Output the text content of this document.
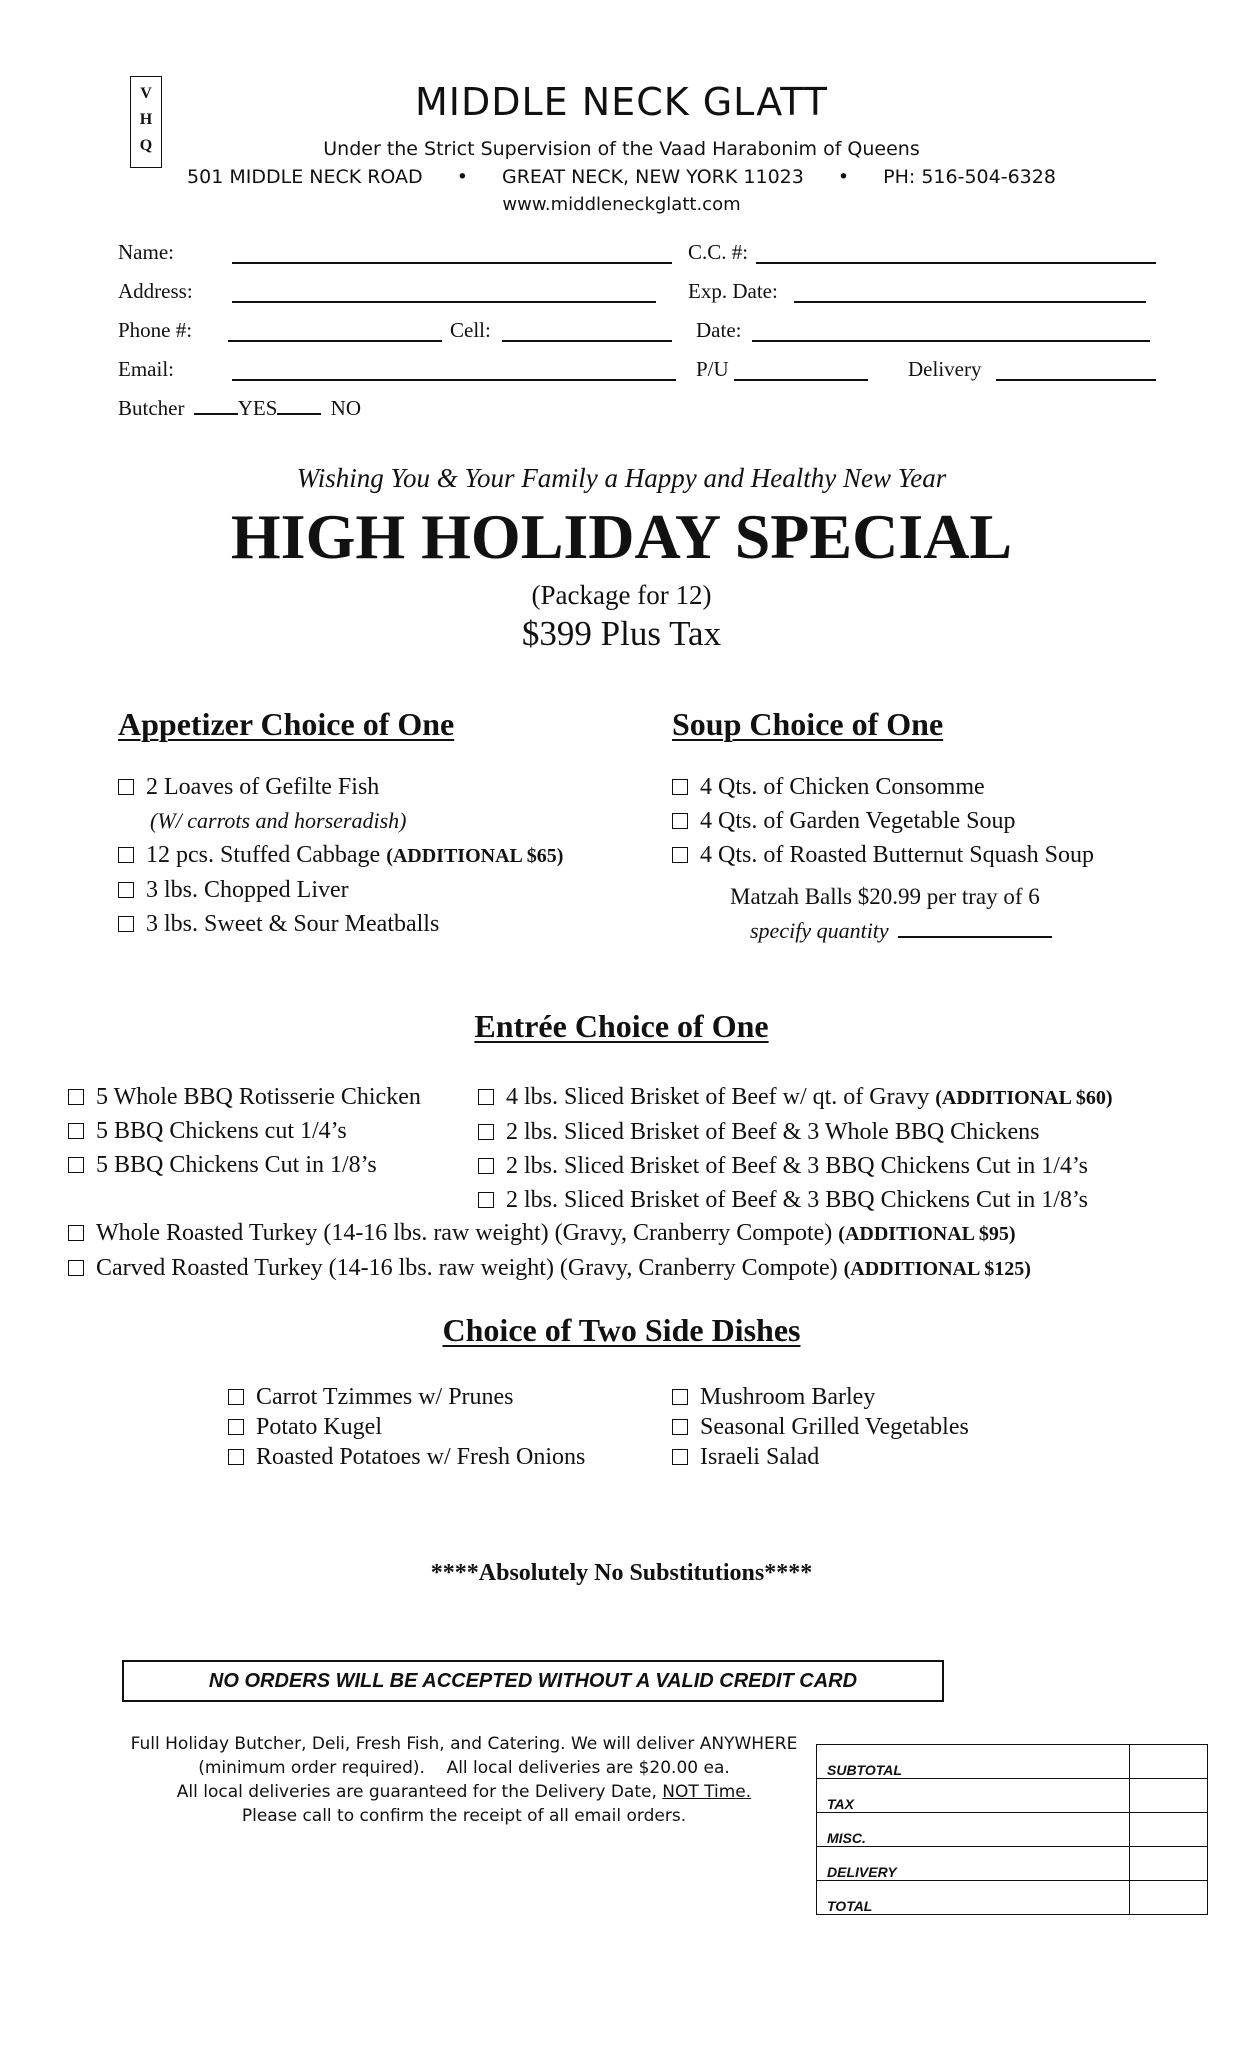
V
H
Q
MIDDLE NECK GLATT
Under the Strict Supervision of the Vaad Harabonim of Queens
501 MIDDLE NECK ROAD • GREAT NECK, NEW YORK 11023 • PH: 516-504-6328
www.middleneckglatt.com
Name:	C.C. #:
Address:	Exp. Date:
Phone #:	Cell:	Date:
Email:	P/U	Delivery
Butcher	YES	NO
Wishing You & Your Family a Happy and Healthy New Year
HIGH HOLIDAY SPECIAL
(Package for 12)
$399 Plus Tax
Appetizer Choice of One
2 Loaves of Gefilte Fish
(W/ carrots and horseradish)
12 pcs. Stuffed Cabbage (ADDITIONAL $65)
3 lbs. Chopped Liver
3 lbs. Sweet & Sour Meatballs
Soup Choice of One
4 Qts. of Chicken Consomme
4 Qts. of Garden Vegetable Soup
4 Qts. of Roasted Butternut Squash Soup
Matzah Balls $20.99 per tray of 6
specify quantity
Entrée Choice of One
5 Whole BBQ Rotisserie Chicken
5 BBQ Chickens cut 1/4’s
5 BBQ Chickens Cut in 1/8’s
4 lbs. Sliced Brisket of Beef w/ qt. of Gravy (ADDITIONAL $60)
2 lbs. Sliced Brisket of Beef & 3 Whole BBQ Chickens
2 lbs. Sliced Brisket of Beef & 3 BBQ Chickens Cut in 1/4’s
2 lbs. Sliced Brisket of Beef & 3 BBQ Chickens Cut in 1/8’s
Whole Roasted Turkey (14-16 lbs. raw weight) (Gravy, Cranberry Compote) (ADDITIONAL $95)
Carved Roasted Turkey (14-16 lbs. raw weight) (Gravy, Cranberry Compote) (ADDITIONAL $125)
Choice of Two Side Dishes
Carrot Tzimmes w/ Prunes
Potato Kugel
Roasted Potatoes w/ Fresh Onions
Mushroom Barley
Seasonal Grilled Vegetables
Israeli Salad
****Absolutely No Substitutions****
NO ORDERS WILL BE ACCEPTED WITHOUT A VALID CREDIT CARD
Full Holiday Butcher, Deli, Fresh Fish, and Catering. We will deliver ANYWHERE
(minimum order required). All local deliveries are $20.00 ea.
All local deliveries are guaranteed for the Delivery Date, NOT Time.
Please call to confirm the receipt of all email orders.
SUBTOTAL	
TAX	
MISC.	
DELIVERY	
TOTAL	
